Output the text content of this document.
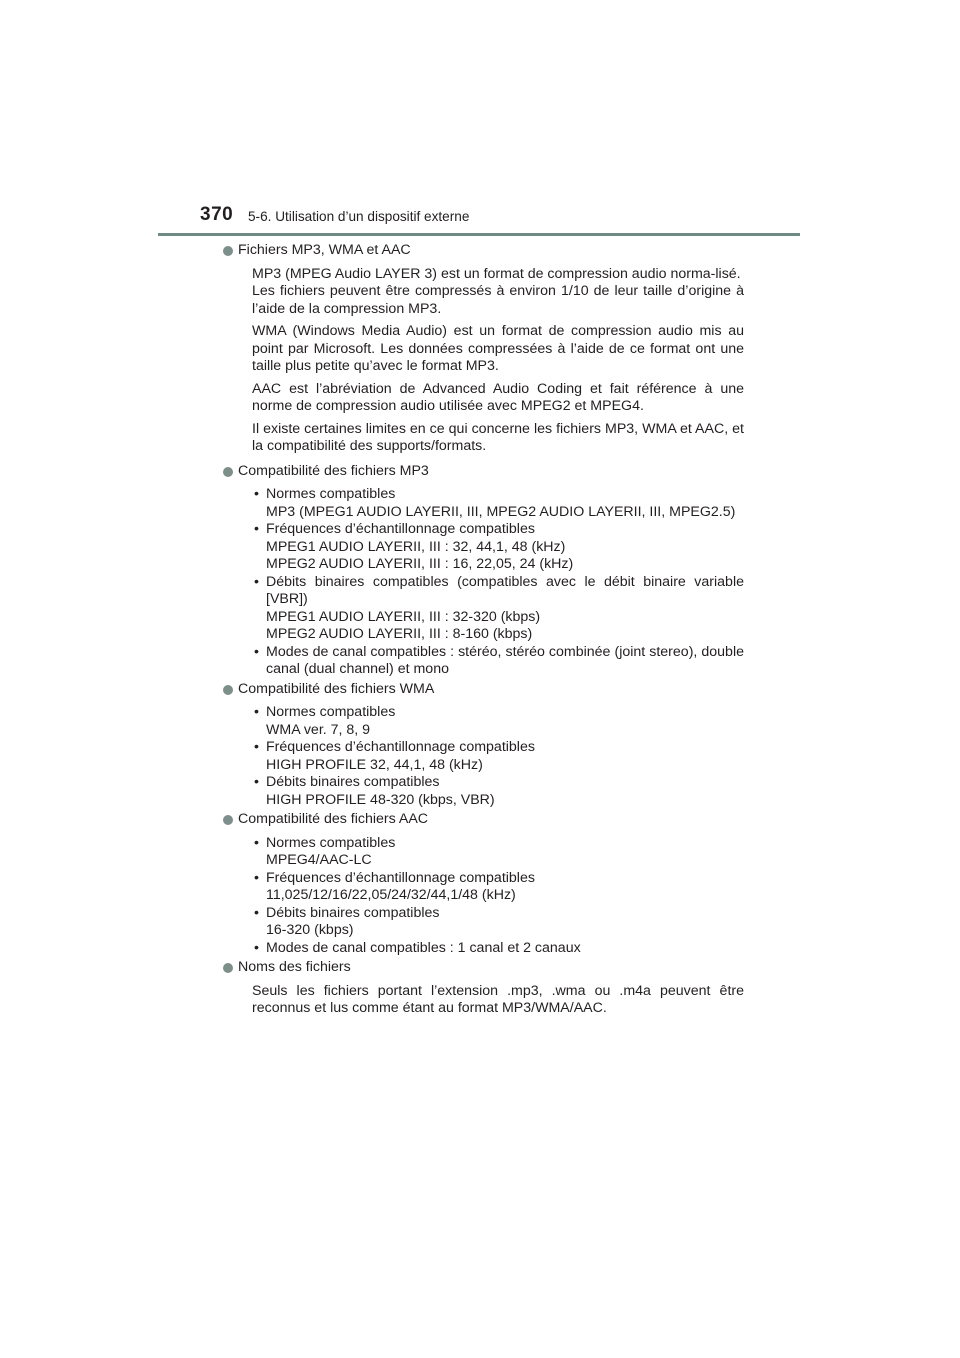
370 5-6. Utilisation d’un dispositif externe
Fichiers MP3, WMA et AAC
MP3 (MPEG Audio LAYER 3) est un format de compression audio norma-lisé.
Les fichiers peuvent être compressés à environ 1/10 de leur taille d’origine à l’aide de la compression MP3.
WMA (Windows Media Audio) est un format de compression audio mis au point par Microsoft. Les données compressées à l’aide de ce format ont une taille plus petite qu’avec le format MP3.
AAC est l’abréviation de Advanced Audio Coding et fait référence à une norme de compression audio utilisée avec MPEG2 et MPEG4.
Il existe certaines limites en ce qui concerne les fichiers MP3, WMA et AAC, et la compatibilité des supports/formats.
Compatibilité des fichiers MP3
• Normes compatibles
MP3 (MPEG1 AUDIO LAYERII, III, MPEG2 AUDIO LAYERII, III, MPEG2.5)
• Fréquences d’échantillonnage compatibles
MPEG1 AUDIO LAYERII, III : 32, 44,1, 48 (kHz)
MPEG2 AUDIO LAYERII, III : 16, 22,05, 24 (kHz)
• Débits binaires compatibles (compatibles avec le débit binaire variable [VBR])
MPEG1 AUDIO LAYERII, III : 32-320 (kbps)
MPEG2 AUDIO LAYERII, III : 8-160 (kbps)
• Modes de canal compatibles : stéréo, stéréo combinée (joint stereo), double canal (dual channel) et mono
Compatibilité des fichiers WMA
• Normes compatibles
WMA ver. 7, 8, 9
• Fréquences d’échantillonnage compatibles
HIGH PROFILE 32, 44,1, 48 (kHz)
• Débits binaires compatibles
HIGH PROFILE 48-320 (kbps, VBR)
Compatibilité des fichiers AAC
• Normes compatibles
MPEG4/AAC-LC
• Fréquences d’échantillonnage compatibles
11,025/12/16/22,05/24/32/44,1/48 (kHz)
• Débits binaires compatibles
16-320 (kbps)
• Modes de canal compatibles : 1 canal et 2 canaux
Noms des fichiers
Seuls les fichiers portant l’extension .mp3, .wma ou .m4a peuvent être reconnus et lus comme étant au format MP3/WMA/AAC.
